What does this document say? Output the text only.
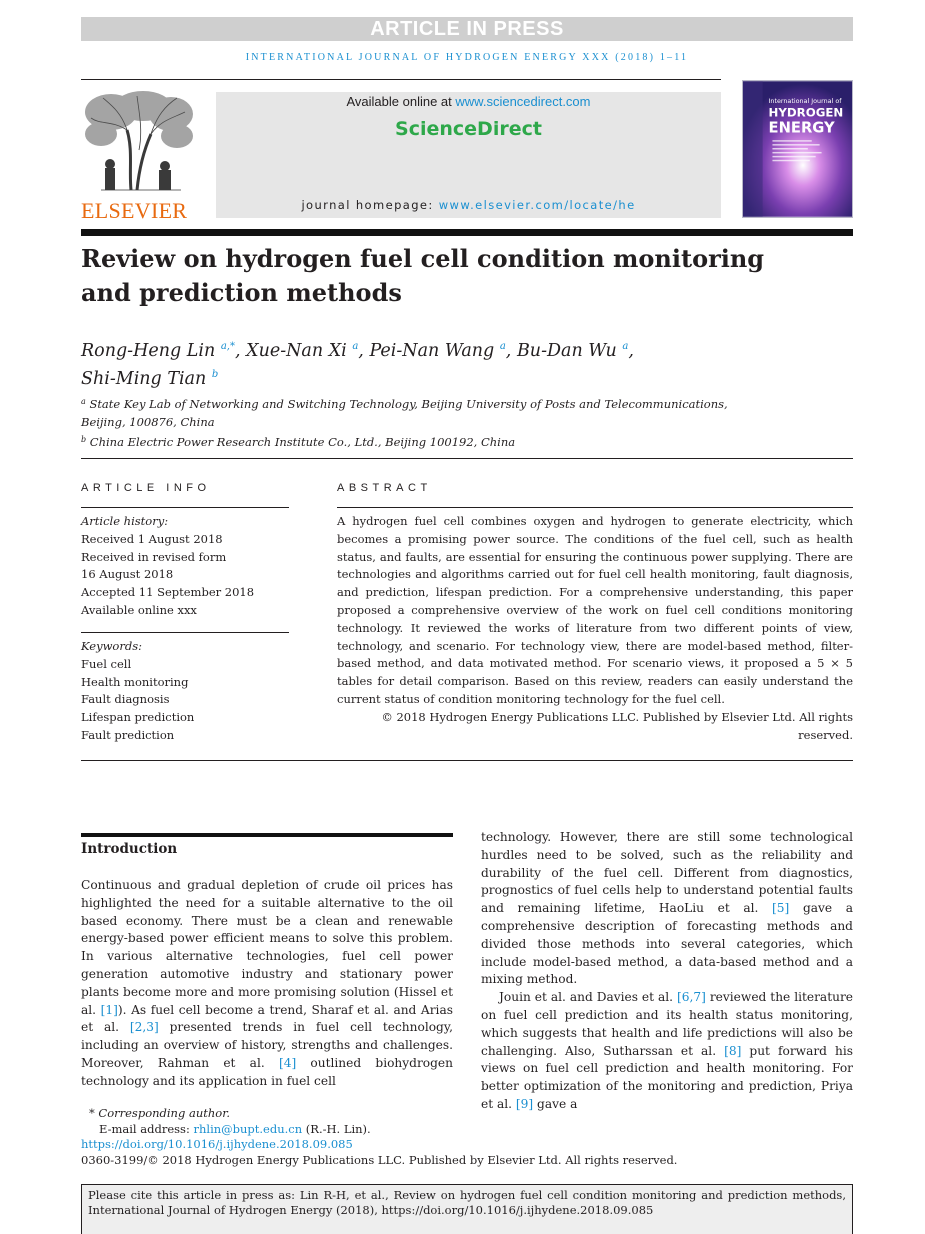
ARTICLE IN PRESS
INTERNATIONAL JOURNAL OF HYDROGEN ENERGY XXX (2018) 1–11
ELSEVIER
Available online at www.sciencedirect.com
ScienceDirect
journal homepage: www.elsevier.com/locate/he
International Journal of
HYDROGEN
ENERGY
Review on hydrogen fuel cell condition monitoring
and prediction methods
Rong-Heng Lin $^{a,*}$, Xue-Nan Xi $^a$, Pei-Nan Wang $^a$, Bu-Dan Wu $^a$,
Shi-Ming Tian $^b$
$^a$ State Key Lab of Networking and Switching Technology, Beijing University of Posts and Telecommunications,
Beijing, 100876, China
$^b$ China Electric Power Research Institute Co., Ltd., Beijing 100192, China
ARTICLE INFO	ABSTRACT
Article history:
Received 1 August 2018
Received in revised form
16 August 2018
Accepted 11 September 2018
Available online xxx
Keywords:
Fuel cell
Health monitoring
Fault diagnosis
Lifespan prediction
Fault prediction
A hydrogen fuel cell combines oxygen and hydrogen to generate electricity, which becomes a promising power source. The conditions of the fuel cell, such as health status, and faults, are essential for ensuring the continuous power supplying. There are technologies and algorithms carried out for fuel cell health monitoring, fault diagnosis, and prediction, lifespan prediction. For a comprehensive understanding, this paper proposed a comprehensive overview of the work on fuel cell conditions monitoring technology. It reviewed the works of literature from two different points of view, technology, and scenario. For technology view, there are model-based method, filter-based method, and data motivated method. For scenario views, it proposed a 5 × 5 tables for detail comparison. Based on this review, readers can easily understand the current status of condition monitoring technology for the fuel cell.
© 2018 Hydrogen Energy Publications LLC. Published by Elsevier Ltd. All rights reserved.
Introduction

Continuous and gradual depletion of crude oil prices has highlighted the need for a suitable alternative to the oil based economy. There must be a clean and renewable energy-based power efficient means to solve this problem. In various alternative technologies, fuel cell power generation automotive industry and stationary power plants become more and more promising solution (Hissel et al. [1]). As fuel cell become a trend, Sharaf et al. and Arias et al. [2,3] presented trends in fuel cell technology, including an overview of history, strengths and challenges. Moreover, Rahman et al. [4] outlined biohydrogen technology and its application in fuel cell

technology. However, there are still some technological hurdles need to be solved, such as the reliability and durability of the fuel cell. Different from diagnostics, prognostics of fuel cells help to understand potential faults and remaining lifetime, HaoLiu et al. [5] gave a comprehensive description of forecasting methods and divided those methods into several categories, which include model-based method, a data-based method and a mixing method.

Jouin et al. and Davies et al. [6,7] reviewed the literature on fuel cell prediction and its health status monitoring, which suggests that health and life predictions will also be challenging. Also, Sutharssan et al. [8] put forward his views on fuel cell prediction and health monitoring. For better optimization of the monitoring and prediction, Priya et al. [9] gave a

* Corresponding author.
E-mail address: rhlin@bupt.edu.cn (R.-H. Lin).
https://doi.org/10.1016/j.ijhydene.2018.09.085
0360-3199/© 2018 Hydrogen Energy Publications LLC. Published by Elsevier Ltd. All rights reserved.
Please cite this article in press as: Lin R-H, et al., Review on hydrogen fuel cell condition monitoring and prediction methods, International Journal of Hydrogen Energy (2018), https://doi.org/10.1016/j.ijhydene.2018.09.085
